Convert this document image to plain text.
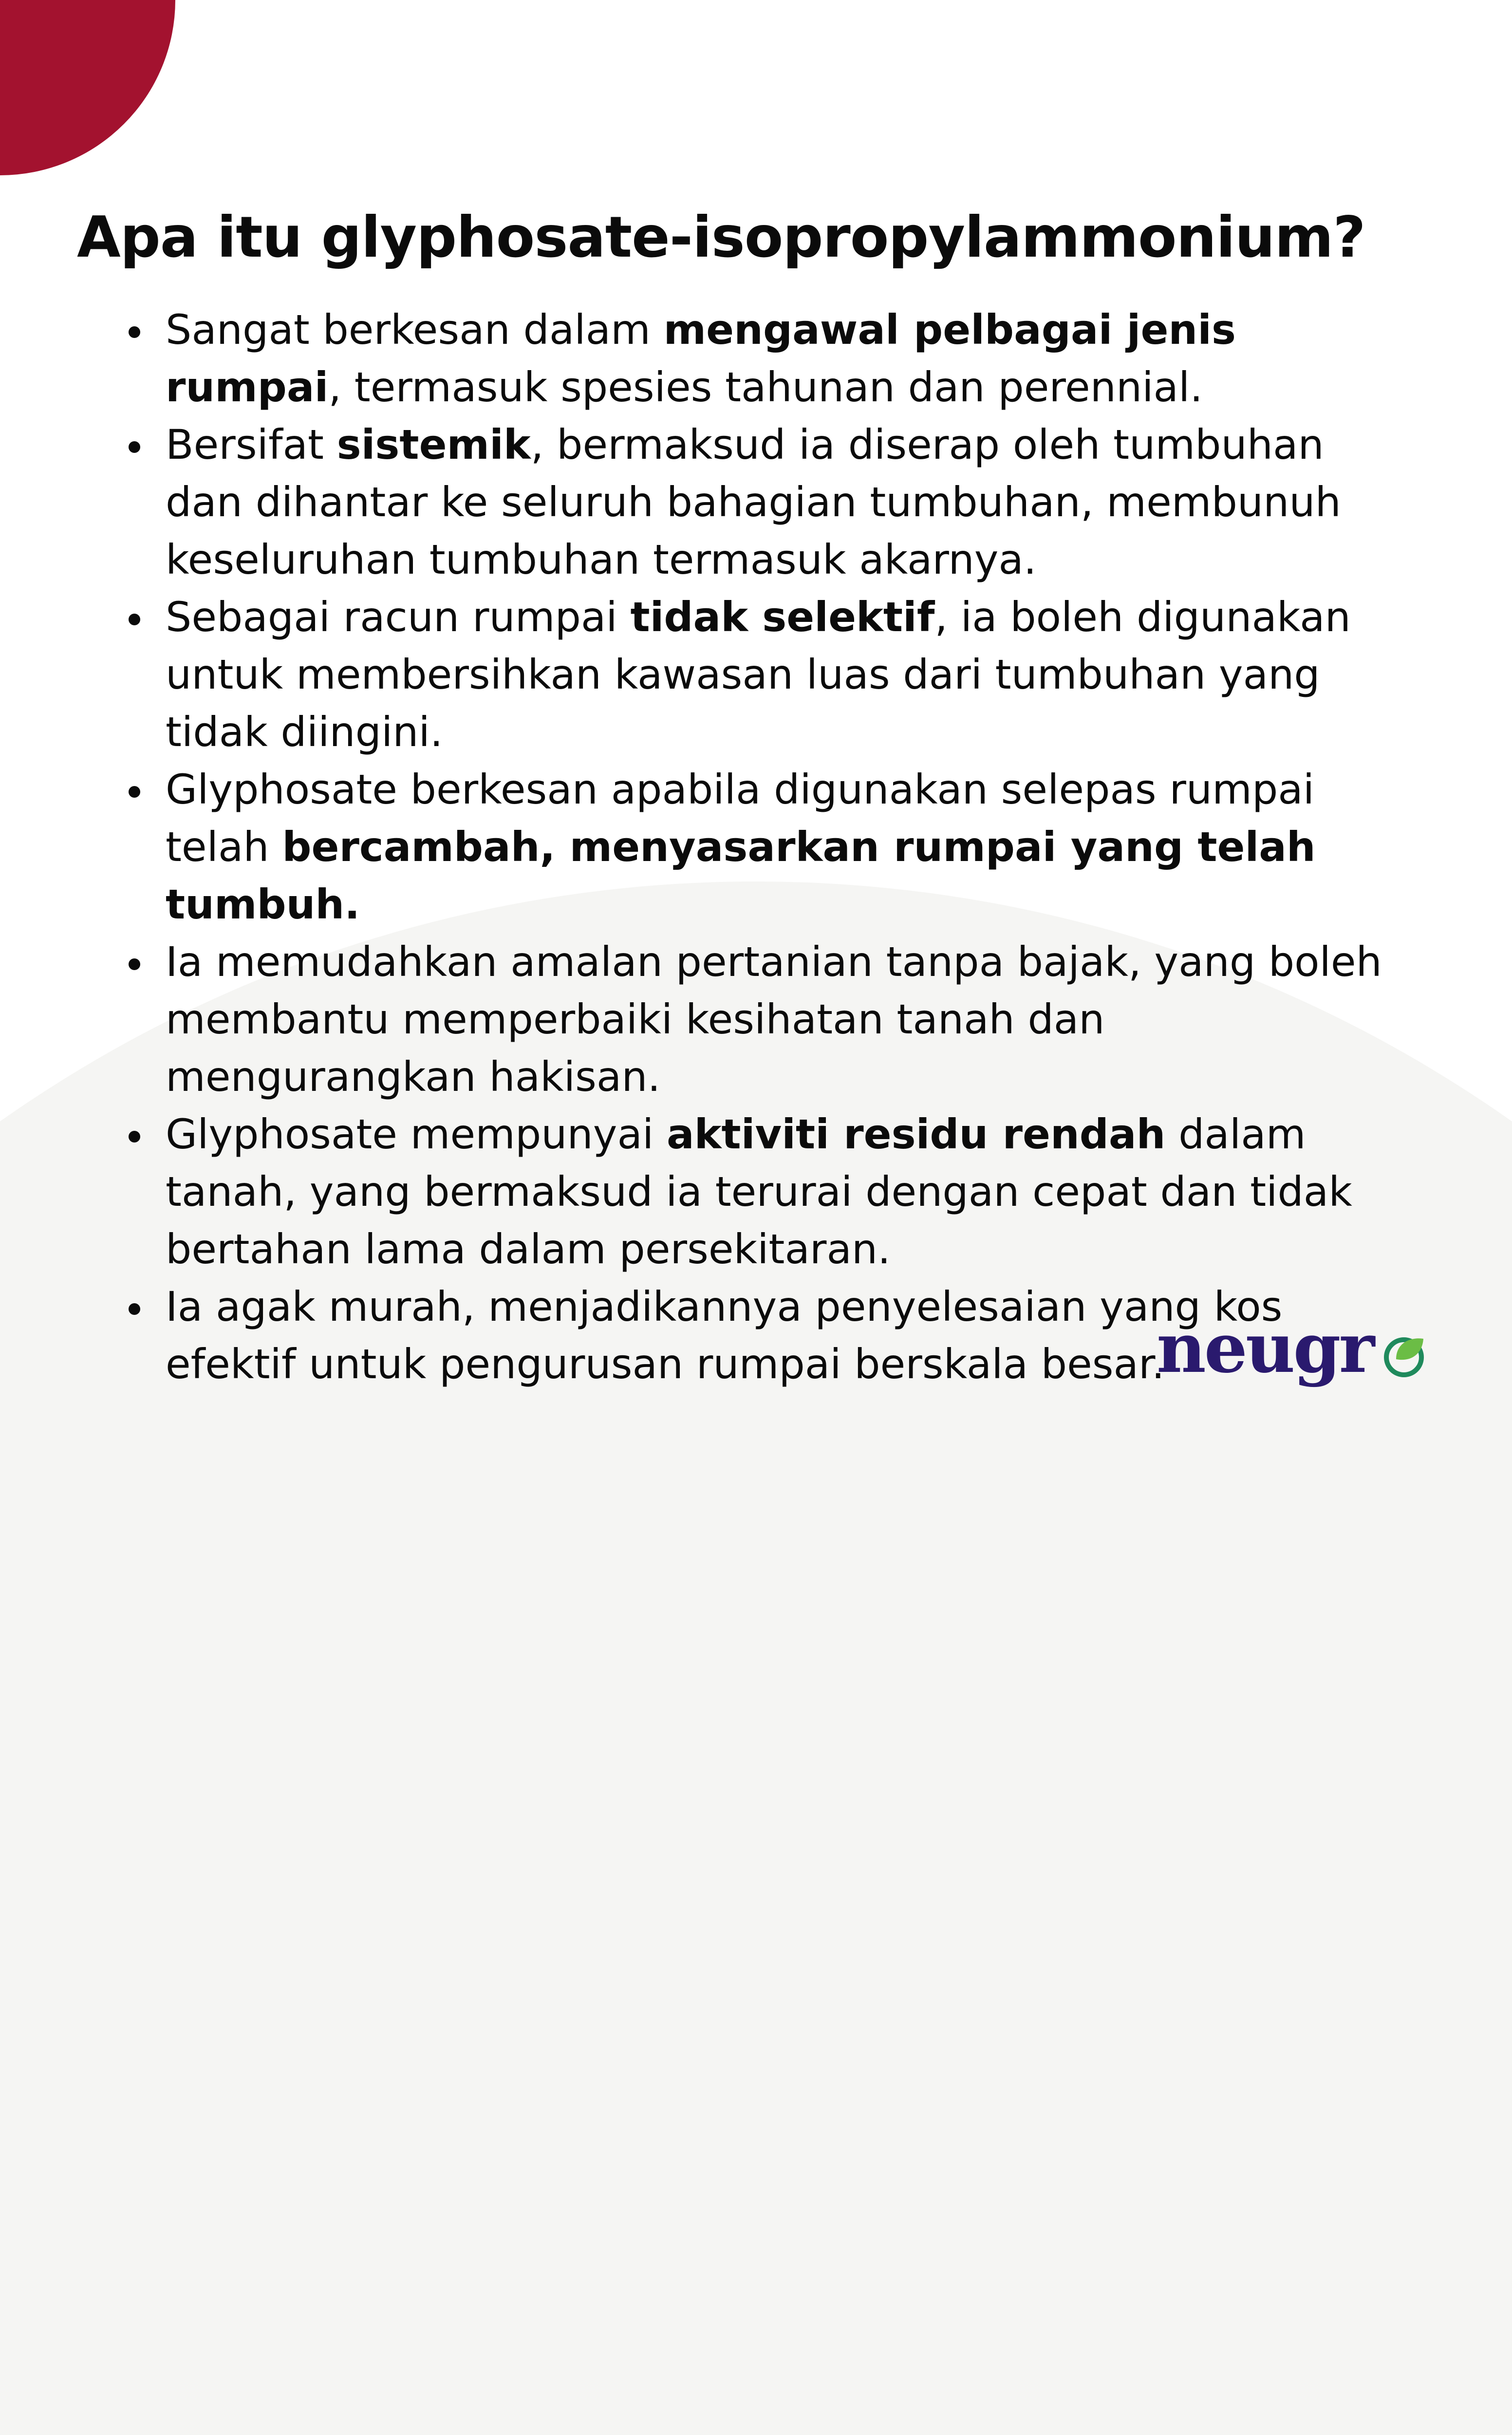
Apa itu glyphosate-isopropylammonium?
Sangat berkesan dalam mengawal pelbagai jenis rumpai, termasuk spesies tahunan dan perennial.
Bersifat sistemik, bermaksud ia diserap oleh tumbuhan dan dihantar ke seluruh bahagian tumbuhan, membunuh keseluruhan tumbuhan termasuk akarnya.
Sebagai racun rumpai tidak selektif, ia boleh digunakan untuk membersihkan kawasan luas dari tumbuhan yang tidak diingini.
Glyphosate berkesan apabila digunakan selepas rumpai telah bercambah, menyasarkan rumpai yang telah tumbuh.
Ia memudahkan amalan pertanian tanpa bajak, yang boleh membantu memperbaiki kesihatan tanah dan mengurangkan hakisan.
Glyphosate mempunyai aktiviti residu rendah dalam tanah, yang bermaksud ia terurai dengan cepat dan tidak bertahan lama dalam persekitaran.
Ia agak murah, menjadikannya penyelesaian yang kos efektif untuk pengurusan rumpai berskala besar.
neugr
